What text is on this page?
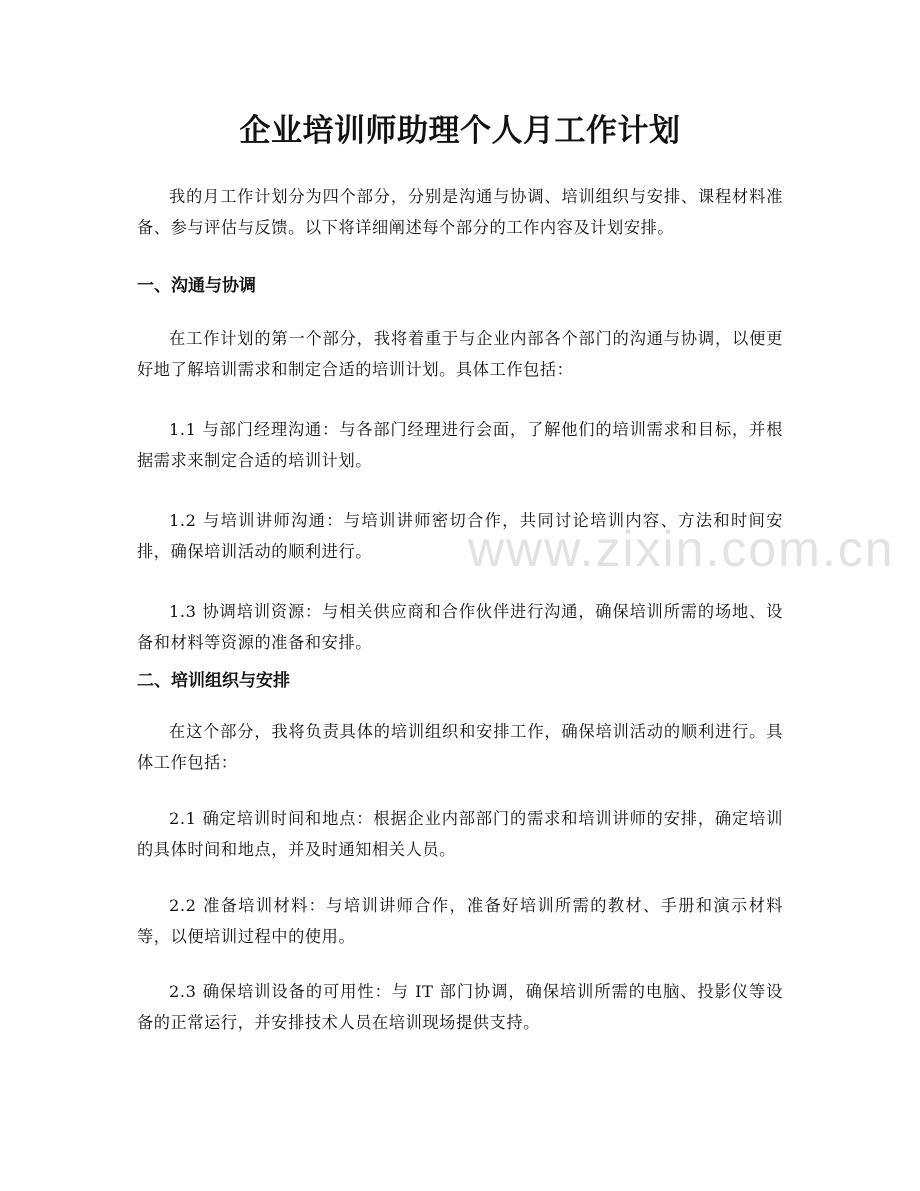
企业培训师助理个人月工作计划

我的月工作计划分为四个部分，分别是沟通与协调、培训组织与安排、课程材料准备、参与评估与反馈。以下将详细阐述每个部分的工作内容及计划安排。

一、沟通与协调

在工作计划的第一个部分，我将着重于与企业内部各个部门的沟通与协调，以便更好地了解培训需求和制定合适的培训计划。具体工作包括：

1.1 与部门经理沟通：与各部门经理进行会面，了解他们的培训需求和目标，并根据需求来制定合适的培训计划。

1.2 与培训讲师沟通：与培训讲师密切合作，共同讨论培训内容、方法和时间安排，确保培训活动的顺利进行。

1.3 协调培训资源：与相关供应商和合作伙伴进行沟通，确保培训所需的场地、设备和材料等资源的准备和安排。

二、培训组织与安排

在这个部分，我将负责具体的培训组织和安排工作，确保培训活动的顺利进行。具体工作包括：

2.1 确定培训时间和地点：根据企业内部部门的需求和培训讲师的安排，确定培训的具体时间和地点，并及时通知相关人员。

2.2 准备培训材料：与培训讲师合作，准备好培训所需的教材、手册和演示材料等，以便培训过程中的使用。

2.3 确保培训设备的可用性：与 IT 部门协调，确保培训所需的电脑、投影仪等设备的正常运行，并安排技术人员在培训现场提供支持。

www.zixin.com.cn
